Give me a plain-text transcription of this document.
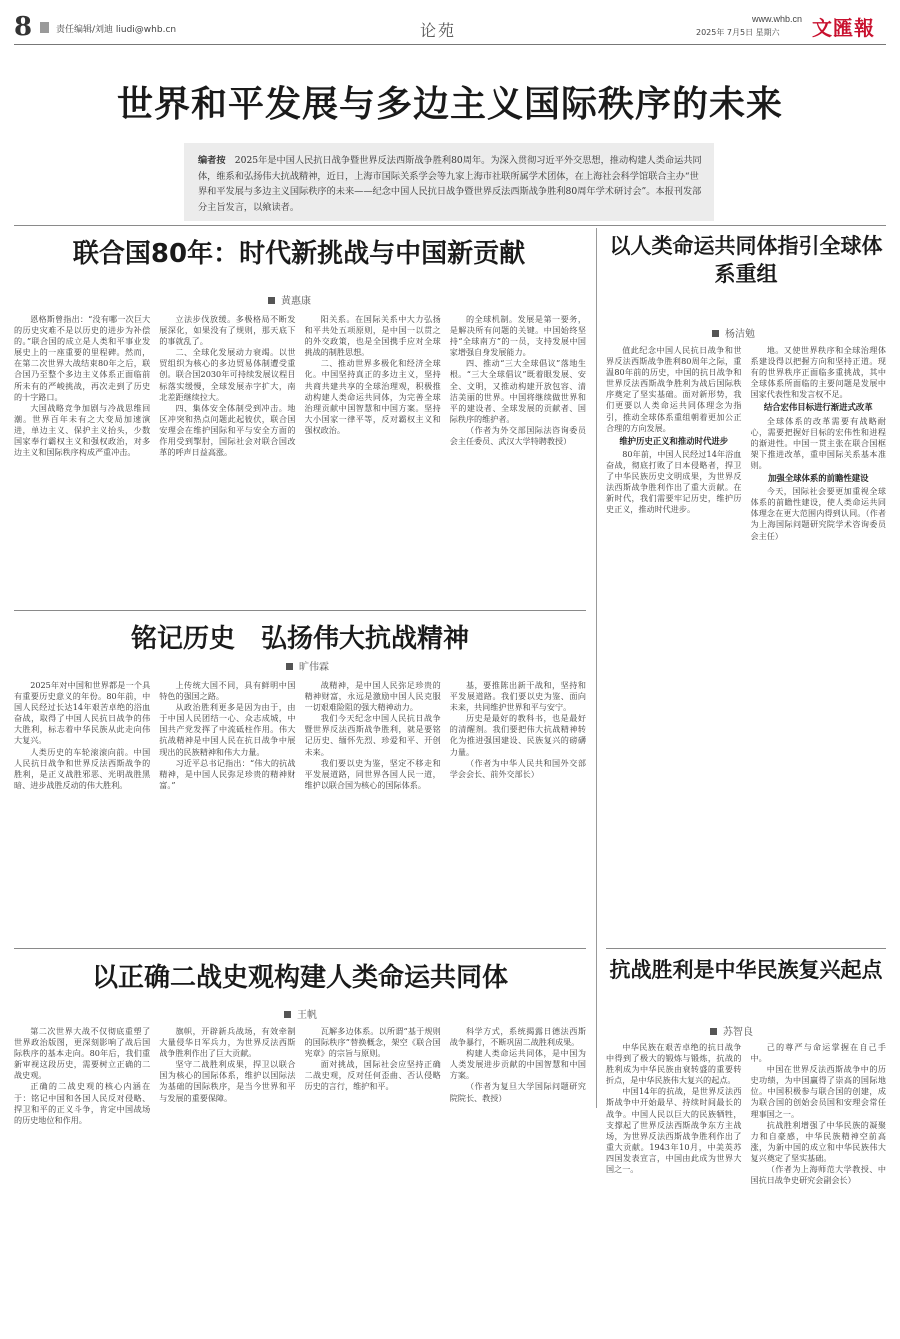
8	责任编辑/刘迪 liudi@whb.cn	论苑
www.whb.cn
2025年 7月5日 星期六 文匯報
世界和平发展与多边主义国际秩序的未来
编者按　 2025年是中国人民抗日战争暨世界反法西斯战争胜利80周年。为深入贯彻习近平外交思想，推动构建人类命运共同体，维系和弘扬伟大抗战精神，近日，上海市国际关系学会等九家上海市社联所属学术团体，在上海社会科学馆联合主办“世界和平发展与多边主义国际秩序的未来——纪念中国人民抗日战争暨世界反法西斯战争胜利80周年学术研讨会”。本报刊发部分主旨发言，以飨读者。
联合国80年：时代新挑战与中国新贡献
黄惠康

恩格斯曾指出：“没有哪一次巨大的历史灾难不是以历史的进步为补偿的。”联合国的成立是人类和平事业发展史上的一座重要的里程碑。然而，在第二次世界大战结束80年之后，联合国乃至整个多边主义体系正面临前所未有的严峻挑战，再次走到了历史的十字路口。

大国战略竞争加剧与冷战思维回潮。世界百年未有之大变局加速演进，单边主义、保护主义抬头，少数国家奉行霸权主义和强权政治，对多边主义和国际秩序构成严重冲击。

立法步伐放缓。多极格局不断发展深化，如果没有了规则，那天底下的事就乱了。

二、全球化发展动力衰竭。以世贸组织为核心的多边贸易体制遭受重创。联合国2030年可持续发展议程目标落实缓慢，全球发展赤字扩大，南北差距继续拉大。

四、集体安全体制受到冲击。地区冲突和热点问题此起彼伏，联合国安理会在维护国际和平与安全方面的作用受到掣肘，国际社会对联合国改革的呼声日益高涨。

阳关系。在国际关系中大力弘扬和平共处五项原则，是中国一以贯之的外交政策，也是全国携手应对全球挑战的制胜思想。

二、推动世界多极化和经济全球化。中国坚持真正的多边主义，坚持共商共建共享的全球治理观，积极推动构建人类命运共同体，为完善全球治理贡献中国智慧和中国方案。坚持大小国家一律平等，反对霸权主义和强权政治。

的全球机制。发展是第一要务，是解决所有问题的关键。中国始终坚持“全球南方”的一员，支持发展中国家增强自身发展能力。

四、推动“三大全球倡议”落地生根。“三大全球倡议”既着眼发展、安全、文明，又推动构建开放包容、清洁美丽的世界。中国将继续做世界和平的建设者、全球发展的贡献者、国际秩序的维护者。

（作者为外交部国际法咨询委员会主任委员、武汉大学特聘教授）

以人类命运共同体指引全球体系重组
杨洁勉

值此纪念中国人民抗日战争和世界反法西斯战争胜利80周年之际，重温80年前的历史，中国的抗日战争和世界反法西斯战争胜利为战后国际秩序奠定了坚实基础。面对新形势，我们更要以人类命运共同体理念为指引，推动全球体系重组朝着更加公正合理的方向发展。

维护历史正义和推动时代进步

80年前，中国人民经过14年浴血奋战，彻底打败了日本侵略者，捍卫了中华民族历史文明成果，为世界反法西斯战争胜利作出了重大贡献。在新时代，我们需要牢记历史，维护历史正义，推动时代进步。

地。又使世界秩序和全球治理体系建设得以把握方向和坚持正道。现有的世界秩序正面临多重挑战，其中全球体系所面临的主要问题是发展中国家代表性和发言权不足。

结合宏伟目标进行渐进式改革

全球体系的改革需要有战略耐心，需要把握好目标的宏伟性和进程的渐进性。中国一贯主张在联合国框架下推进改革，重申国际关系基本准则。

加强全球体系的前瞻性建设

今天，国际社会要更加重视全球体系的前瞻性建设，使人类命运共同体理念在更大范围内得到认同。（作者为上海国际问题研究院学术咨询委员会主任）

铭记历史　弘扬伟大抗战精神
旷伟霖

2025年对中国和世界都是一个具有重要历史意义的年份。80年前，中国人民经过长达14年艰苦卓绝的浴血奋战，取得了中国人民抗日战争的伟大胜利，标志着中华民族从此走向伟大复兴。

人类历史的车轮滚滚向前。中国人民抗日战争和世界反法西斯战争的胜利，是正义战胜邪恶、光明战胜黑暗、进步战胜反动的伟大胜利。

上传统大国不同，具有鲜明中国特色的强国之路。

从政治胜利更多是因为由于，由于中国人民团结一心、众志成城，中国共产党发挥了中流砥柱作用。伟大抗战精神是中国人民在抗日战争中展现出的民族精神和伟大力量。

习近平总书记指出：“伟大的抗战精神，是中国人民弥足珍贵的精神财富。”

战精神，是中国人民弥足珍贵的精神财富，永远是激励中国人民克服一切艰难险阻的强大精神动力。

我们今天纪念中国人民抗日战争暨世界反法西斯战争胜利，就是要铭记历史、缅怀先烈、珍爱和平、开创未来。

我们要以史为鉴，坚定不移走和平发展道路，同世界各国人民一道，维护以联合国为核心的国际体系。

基，要推陈出新干战和，坚持和平发展道路。我们要以史为鉴、面向未来，共同维护世界和平与安宁。

历史是最好的教科书，也是最好的清醒剂。我们要把伟大抗战精神转化为推进强国建设、民族复兴的磅礴力量。

（作者为中华人民共和国外交部学会会长、前外交部长）

抗战胜利是中华民族复兴起点
苏智良

中华民族在艰苦卓绝的抗日战争中得到了极大的锻炼与锻炼，抗战的胜利成为中华民族由衰转盛的重要转折点，是中华民族伟大复兴的起点。

中国14年的抗战，是世界反法西斯战争中开始最早、持续时间最长的战争。中国人民以巨大的民族牺牲，支撑起了世界反法西斯战争东方主战场，为世界反法西斯战争胜利作出了重大贡献。1943年10月，中美英苏四国发表宣言，中国由此成为世界大国之一。

己的尊严与命运掌握在自己手中。

中国在世界反法西斯战争中的历史功绩，为中国赢得了崇高的国际地位。中国积极参与联合国的创建，成为联合国的创始会员国和安理会常任理事国之一。

抗战胜利增强了中华民族的凝聚力和自豪感，中华民族精神空前高涨，为新中国的成立和中华民族伟大复兴奠定了坚实基础。

（作者为上海师范大学教授、中国抗日战争史研究会副会长）

以正确二战史观构建人类命运共同体
王帆

第二次世界大战不仅彻底重塑了世界政治版图，更深刻影响了战后国际秩序的基本走向。80年后，我们重新审视这段历史，需要树立正确的二战史观。

正确的二战史观的核心内涵在于：铭记中国和各国人民反对侵略、捍卫和平的正义斗争，肯定中国战场的历史地位和作用。

旗帜，开辟新兵战场，有效牵制大量侵华日军兵力，为世界反法西斯战争胜利作出了巨大贡献。

坚守二战胜利成果，捍卫以联合国为核心的国际体系，维护以国际法为基础的国际秩序，是当今世界和平与发展的重要保障。

瓦解多边体系。以所谓“基于规则的国际秩序”替换概念，架空《联合国宪章》的宗旨与原则。

面对挑战，国际社会应坚持正确二战史观，反对任何歪曲、否认侵略历史的言行，维护和平。

科学方式，系统揭露日德法西斯战争暴行，不断巩固二战胜利成果。

构建人类命运共同体，是中国为人类发展进步贡献的中国智慧和中国方案。

（作者为复旦大学国际问题研究院院长、教授）
